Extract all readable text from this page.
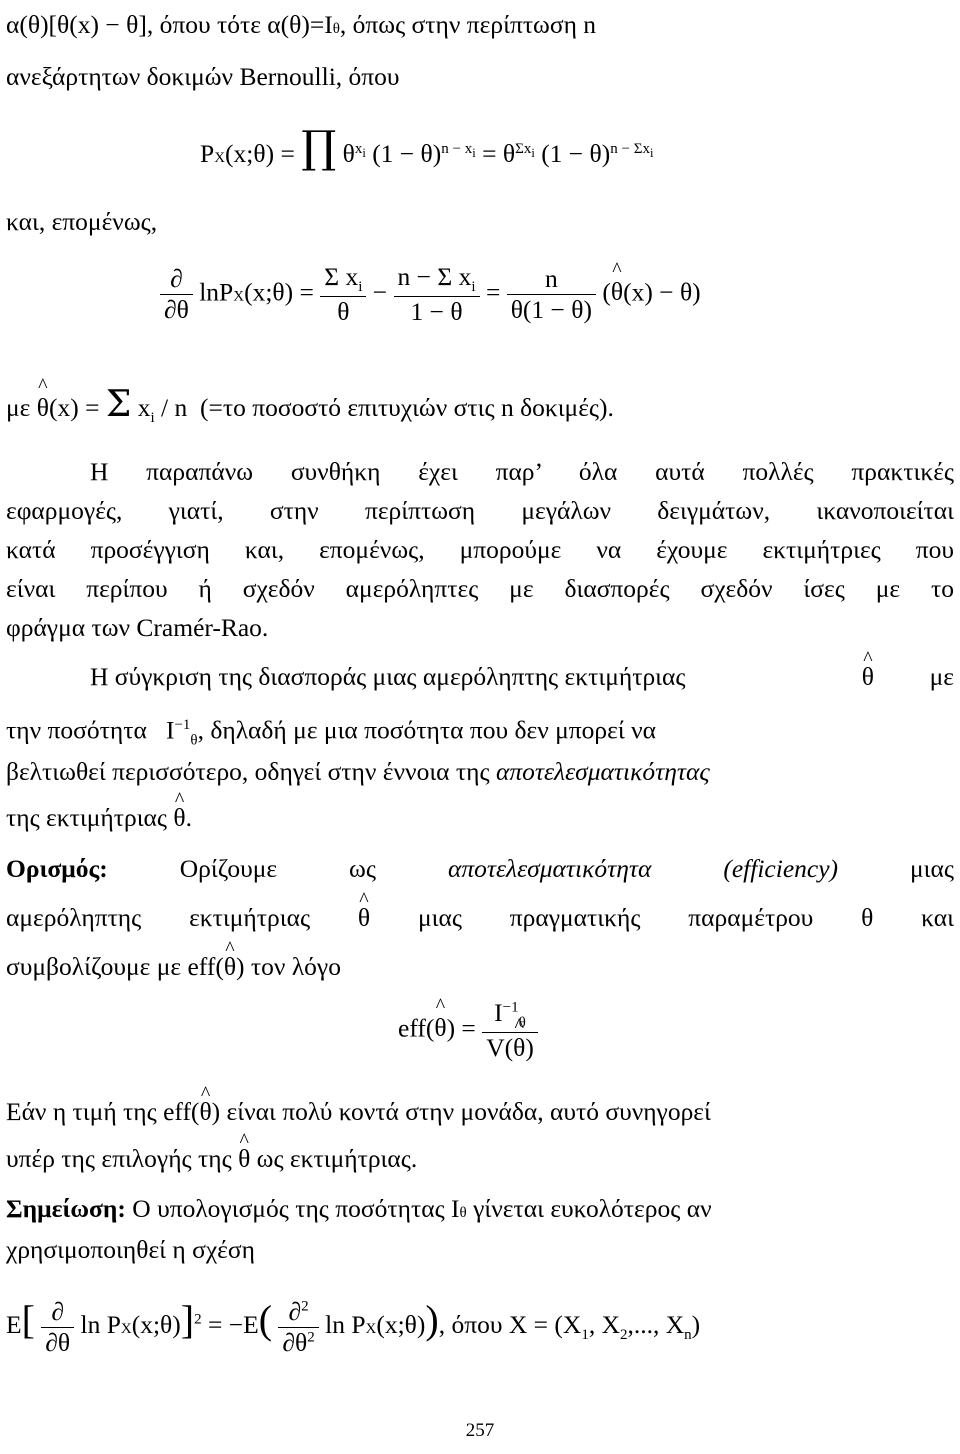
α(θ)[θ(x) − θ], όπου τότε α(θ)=Iθ, όπως στην περίπτωση n
ανεξάρτητων δοκιμών Bernoulli, όπου
PX(x;θ) = ∏ $\theta^{x_i}$ $(1 - \theta)^{n - x_i} = \theta^{\Sigma x_i}$ $(1 - \theta)^{n - \Sigma x_i}$
και, επομένως,
$\frac{\partial}{\partial\theta}$ lnPX(x;θ) = $\frac{\Sigma x_i}{\theta} - \frac{n - \Sigma x_i}{1 - \theta} = \frac{n}{\theta(1 - \theta)}$ (^ θ(x) − θ)
με ^ θ(x) = Σ $x_i$ / n  (=το ποσοστό επιτυχιών στις n δοκιμές).
Η παραπάνω συνθήκη έχει παρ’ όλα αυτά πολλές πρακτικές
εφαρμογές, γιατί, στην περίπτωση μεγάλων δειγμάτων, ικανοποιείται
κατά προσέγγιση και, επομένως, μπορούμε να έχουμε εκτιμήτριες που
είναι περίπου ή σχεδόν αμερόληπτες με διασπορές σχεδόν ίσες με το
φράγμα των Cramér-Rao.
Η σύγκριση της διασποράς μιας αμερόληπτης εκτιμήτριας	^ θ με
την ποσότητα   $I^{-1}_\theta$, δηλαδή με μια ποσότητα που δεν μπορεί να
βελτιωθεί περισσότερο, οδηγεί στην έννοια της αποτελεσματικότητας
της εκτιμήτριας ^ θ.
Ορισμός:	Ορίζουμε ως	αποτελεσματικότητα (efficiency)	μιας
αμερόληπτης εκτιμήτριας ^ θ μιας πραγματικής παραμέτρου θ και
συμβολίζουμε με eff(^ θ) τον λόγο
eff(^ $\theta) = \frac{I^{-1}_\theta}{V(\^{} \theta)}$
Εάν η τιμή της eff(^ θ) είναι πολύ κοντά στην μονάδα, αυτό συνηγορεί
υπέρ της επιλογής της ^ θ ως εκτιμήτριας.
Σημείωση: Ο υπολογισμός της ποσότητας Iθ γίνεται ευκολότερος αν
χρησιμοποιηθεί η σχέση
$E[ \frac{\partial}{\partial\theta}$ ln PX(x;θ)]$^2$ = $-E( \frac{\partial^2}{\partial\theta^2}$ ln PX(x;θ)), όπου $X = (X_1$, $X_2$,..., $X_n$)
257
